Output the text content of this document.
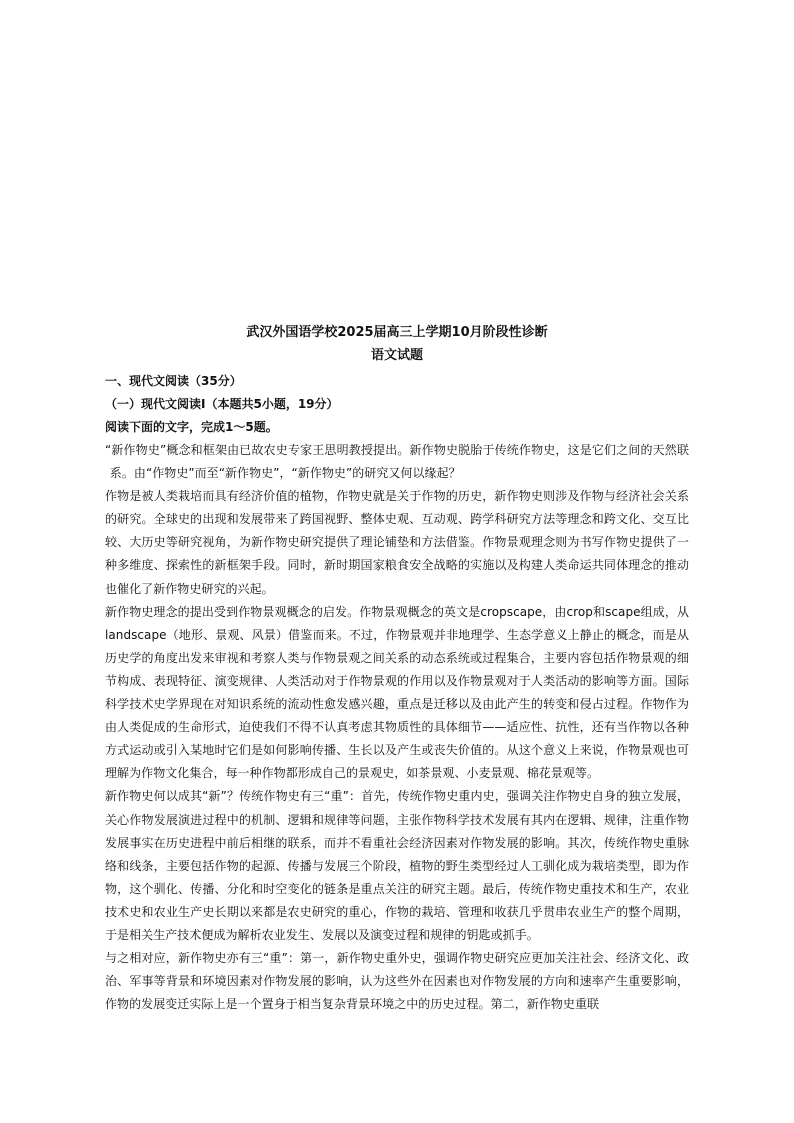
武汉外国语学校2025届高三上学期10月阶段性诊断

语文试题

一、现代文阅读（35分）

（一）现代文阅读Ⅰ（本题共5小题，19分）

阅读下面的文字，完成1～5题。

“新作物史”概念和框架由已故农史专家王思明教授提出。新作物史脱胎于传统作物史，这是它们之间的天然联系。由“作物史”而至“新作物史”，“新作物史”的研究又何以缘起？

作物是被人类栽培而具有经济价值的植物，作物史就是关于作物的历史，新作物史则涉及作物与经济社会关系的研究。全球史的出现和发展带来了跨国视野、整体史观、互动观、跨学科研究方法等理念和跨文化、交互比较、大历史等研究视角，为新作物史研究提供了理论铺垫和方法借鉴。作物景观理念则为书写作物史提供了一种多维度、探索性的新框架手段。同时，新时期国家粮食安全战略的实施以及构建人类命运共同体理念的推动也催化了新作物史研究的兴起。

新作物史理念的提出受到作物景观概念的启发。作物景观概念的英文是cropscape，由crop和scape组成，从landscape（地形、景观、风景）借鉴而来。不过，作物景观并非地理学、生态学意义上静止的概念，而是从历史学的角度出发来审视和考察人类与作物景观之间关系的动态系统或过程集合，主要内容包括作物景观的细节构成、表现特征、演变规律、人类活动对于作物景观的作用以及作物景观对于人类活动的影响等方面。国际科学技术史学界现在对知识系统的流动性愈发感兴趣，重点是迁移以及由此产生的转变和侵占过程。作物作为由人类促成的生命形式，迫使我们不得不认真考虑其物质性的具体细节——适应性、抗性，还有当作物以各种方式运动或引入某地时它们是如何影响传播、生长以及产生或丧失价值的。从这个意义上来说，作物景观也可理解为作物文化集合，每一种作物都形成自己的景观史，如茶景观、小麦景观、棉花景观等。

新作物史何以成其“新”？传统作物史有三“重”：首先，传统作物史重内史，强调关注作物史自身的独立发展，关心作物发展演进过程中的机制、逻辑和规律等问题，主张作物科学技术发展有其内在逻辑、规律，注重作物发展事实在历史进程中前后相继的联系，而并不看重社会经济因素对作物发展的影响。其次，传统作物史重脉络和线条，主要包括作物的起源、传播与发展三个阶段，植物的野生类型经过人工驯化成为栽培类型，即为作物，这个驯化、传播、分化和时空变化的链条是重点关注的研究主题。最后，传统作物史重技术和生产，农业技术史和农业生产史长期以来都是农史研究的重心，作物的栽培、管理和收获几乎贯串农业生产的整个周期，于是相关生产技术便成为解析农业发生、发展以及演变过程和规律的钥匙或抓手。

与之相对应，新作物史亦有三“重”：第一，新作物史重外史，强调作物史研究应更加关注社会、经济文化、政治、军事等背景和环境因素对作物发展的影响，认为这些外在因素也对作物发展的方向和速率产生重要影响，作物的发展变迁实际上是一个置身于相当复杂背景环境之中的历史过程。第二，新作物史重联
